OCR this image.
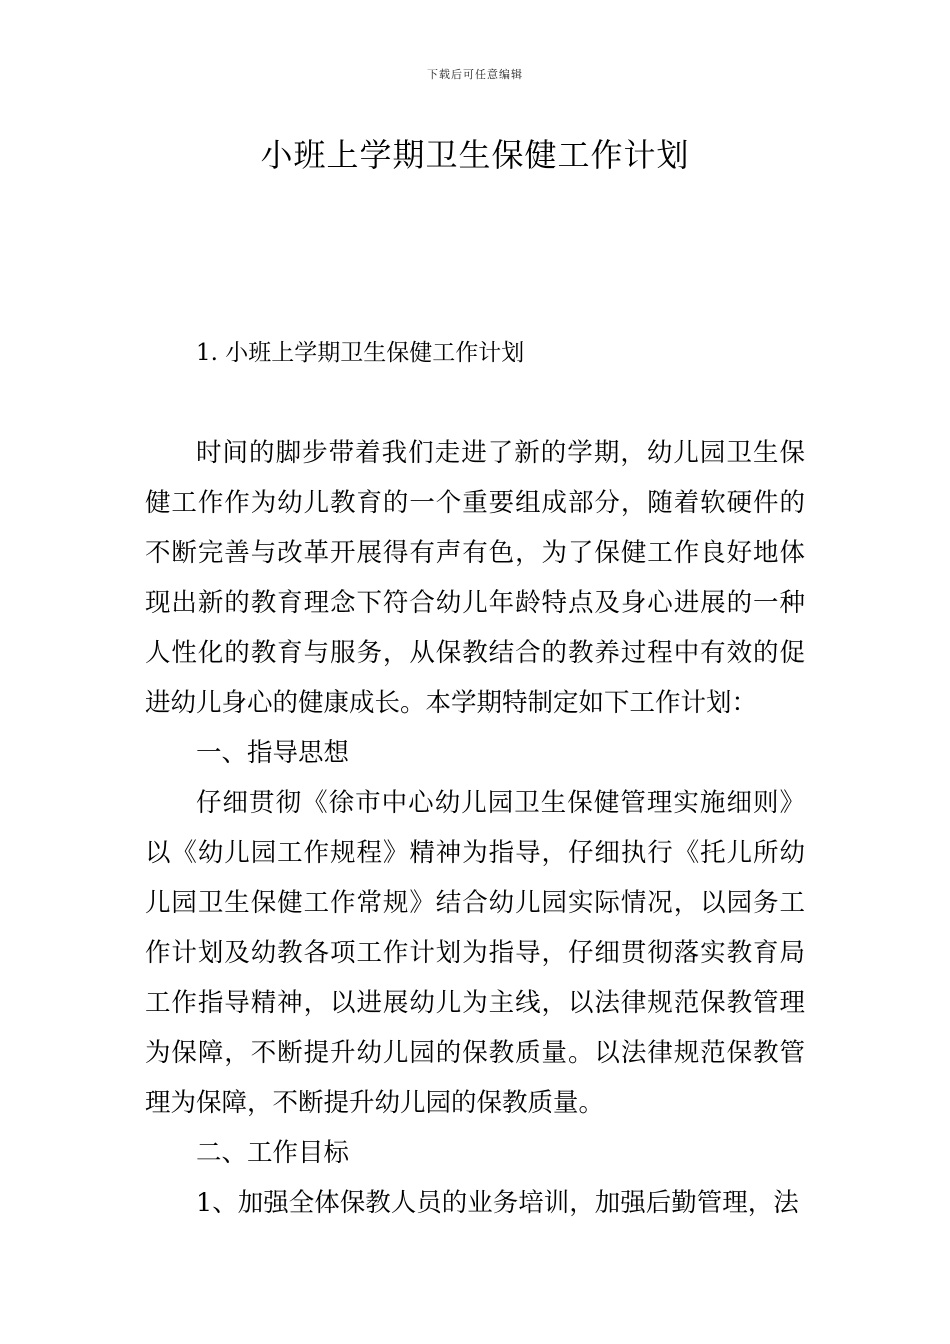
下载后可任意编辑
小班上学期卫生保健工作计划
1. 小班上学期卫生保健工作计划

时间的脚步带着我们走进了新的学期，幼儿园卫生保健工作作为幼儿教育的一个重要组成部分，随着软硬件的不断完善与改革开展得有声有色，为了保健工作良好地体现出新的教育理念下符合幼儿年龄特点及身心进展的一种人性化的教育与服务，从保教结合的教养过程中有效的促进幼儿身心的健康成长。本学期特制定如下工作计划：

一、指导思想

仔细贯彻《徐市中心幼儿园卫生保健管理实施细则》以《幼儿园工作规程》精神为指导，仔细执行《托儿所幼儿园卫生保健工作常规》结合幼儿园实际情况，以园务工作计划及幼教各项工作计划为指导，仔细贯彻落实教育局工作指导精神，以进展幼儿为主线，以法律规范保教管理为保障，不断提升幼儿园的保教质量。以法律规范保教管理为保障，不断提升幼儿园的保教质量。

二、工作目标

1、加强全体保教人员的业务培训，加强后勤管理，法
